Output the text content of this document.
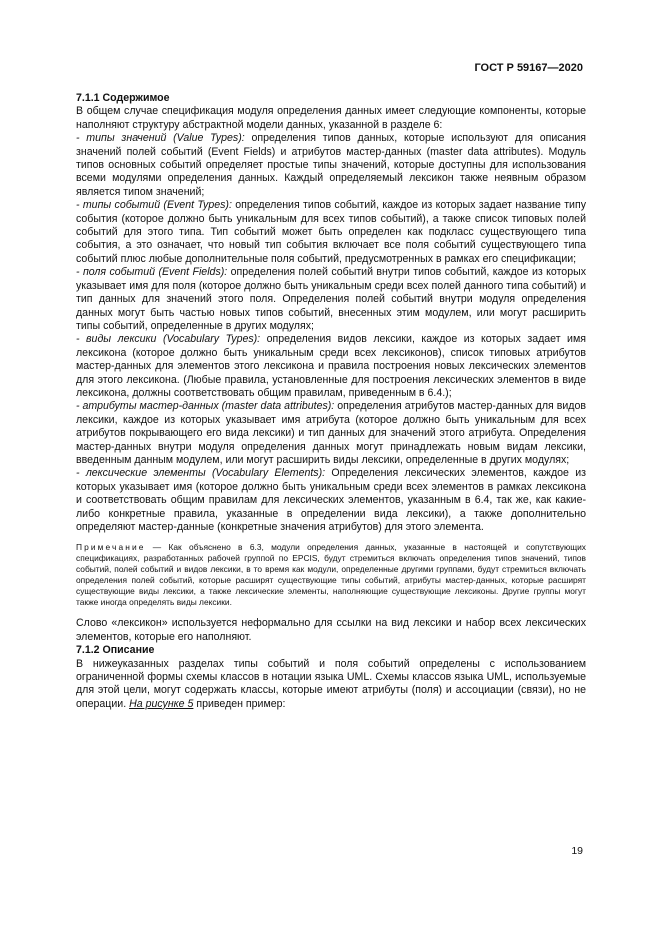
ГОСТ Р 59167—2020

7.1.1 Содержимое

В общем случае спецификация модуля определения данных имеет следующие компоненты, которые наполняют структуру абстрактной модели данных, указанной в разделе 6:

- типы значений (Value Types): определения типов данных, которые используют для описания значений полей событий (Event Fields) и атрибутов мастер-данных (master data attributes). Модуль типов основных событий определяет простые типы значений, которые доступны для использования всеми модулями определения данных. Каждый определяемый лексикон также неявным образом является типом значений;

- типы событий (Event Types): определения типов событий, каждое из которых задает название типу события (которое должно быть уникальным для всех типов событий), а также список типовых полей событий для этого типа. Тип событий может быть определен как подкласс существующего типа события, а это означает, что новый тип события включает все поля событий существующего типа событий плюс любые дополнительные поля событий, предусмотренных в рамках его спецификации;

- поля событий (Event Fields): определения полей событий внутри типов событий, каждое из которых указывает имя для поля (которое должно быть уникальным среди всех полей данного типа событий) и тип данных для значений этого поля. Определения полей событий внутри модуля определения данных могут быть частью новых типов событий, внесенных этим модулем, или могут расширить типы событий, определенные в других модулях;

- виды лексики (Vocabulary Types): определения видов лексики, каждое из которых задает имя лексикона (которое должно быть уникальным среди всех лексиконов), список типовых атрибутов мастер-данных для элементов этого лексикона и правила построения новых лексических элементов для этого лексикона. (Любые правила, установленные для построения лексических элементов в виде лексикона, должны соответствовать общим правилам, приведенным в 6.4.);

- атрибуты мастер-данных (master data attributes): определения атрибутов мастер-данных для видов лексики, каждое из которых указывает имя атрибута (которое должно быть уникальным для всех атрибутов покрывающего его вида лексики) и тип данных для значений этого атрибута. Определения мастер-данных внутри модуля определения данных могут принадлежать новым видам лексики, введенным данным модулем, или могут расширить виды лексики, определенные в других модулях;

- лексические элементы (Vocabulary Elements): Определения лексических элементов, каждое из которых указывает имя (которое должно быть уникальным среди всех элементов в рамках лексикона и соответствовать общим правилам для лексических элементов, указанным в 6.4, так же, как какие-либо конкретные правила, указанные в определении вида лексики), а также дополнительно определяют мастер-данные (конкретные значения атрибутов) для этого элемента.

Примечание — Как объяснено в 6.3, модули определения данных, указанные в настоящей и сопутствующих спецификациях, разработанных рабочей группой по EPCIS, будут стремиться включать определения типов значений, типов событий, полей событий и видов лексики, в то время как модули, определенные другими группами, будут стремиться включать определения полей событий, которые расширят существующие типы событий, атрибуты мастер-данных, которые расширят существующие виды лексики, а также лексические элементы, наполняющие существующие лексиконы. Другие группы могут также иногда определять виды лексики.

Слово «лексикон» используется неформально для ссылки на вид лексики и набор всех лексических элементов, которые его наполняют.

7.1.2 Описание

В нижеуказанных разделах типы событий и поля событий определены с использованием ограниченной формы схемы классов в нотации языка UML. Схемы классов языка UML, используемые для этой цели, могут содержать классы, которые имеют атрибуты (поля) и ассоциации (связи), но не операции. На рисунке 5 приведен пример:

19
